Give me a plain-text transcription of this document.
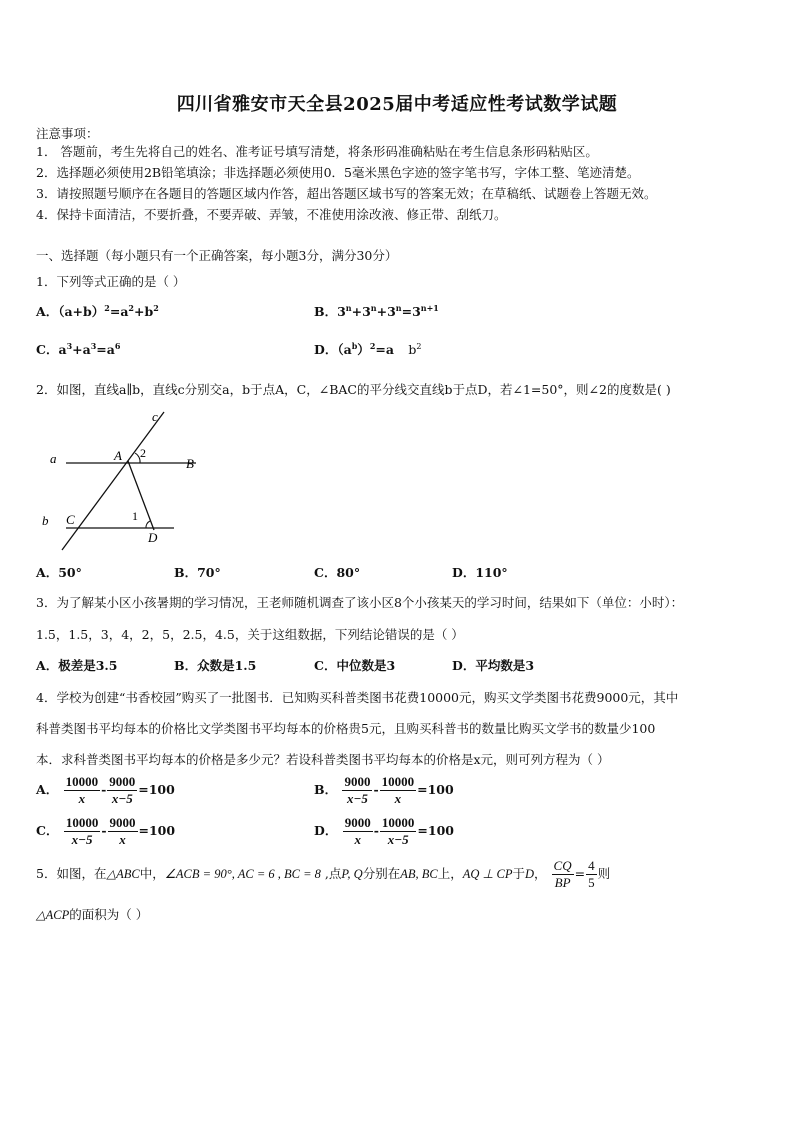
四川省雅安市天全县2025届中考适应性考试数学试题
注意事项：
1． 答题前，考生先将自己的姓名、准考证号填写清楚，将条形码准确粘贴在考生信息条形码粘贴区。
2．选择题必须使用2B铅笔填涂；非选择题必须使用0．5毫米黑色字迹的签字笔书写，字体工整、笔迹清楚。
3．请按照题号顺序在各题目的答题区域内作答，超出答题区域书写的答案无效；在草稿纸、试题卷上答题无效。
4．保持卡面清洁，不要折叠，不要弄破、弄皱，不准使用涂改液、修正带、刮纸刀。
一、选择题（每小题只有一个正确答案，每小题3分，满分30分）
1．下列等式正确的是（ ）
A．$(a+b)^2=a^2+b^2$	B．$3^n+3^n+3^n=3^{n+1}$
C．$a^3+a^3=a^6$	D．$(a^b)^2=a$ $b^2$
2．如图，直线a∥b，直线c分别交a，b于点A，C，∠BAC的平分线交直线b于点D，若∠1=50°，则∠2的度数是( )
c
a	A 2
B
b C	1
D
A．50°	B．70°	C．80°	D．110°
3．为了解某小区小孩暑期的学习情况，王老师随机调查了该小区8个小孩某天的学习时间，结果如下（单位：小时）：
1.5，1.5，3，4，2，5，2.5，4.5，关于这组数据，下列结论错误的是（ ）
A．极差是3.5	B．众数是1.5	C．中位数是3	D．平均数是3
4．学校为创建“书香校园”购买了一批图书．已知购买科普类图书花费10000元，购买文学类图书花费9000元，其中
科普类图书平均每本的价格比文学类图书平均每本的价格贵5元，且购买科普书的数量比购买文学书的数量少100
本．求科普类图书平均每本的价格是多少元？若设科普类图书平均每本的价格是x元，则可列方程为（ ）
A． $\frac{10000}{x} - \frac{9000}{x-5} =100$	B． $\frac{9000}{x-5} - \frac{10000}{x} =100$
C． $\frac{10000}{x-5} - \frac{9000}{x} =100$	D． $\frac{9000}{x} - \frac{10000}{x-5} =100$
5．如图，在△ABC中，∠ACB = 90°, AC = 6 , BC = 8 ,点P, Q分别在AB, BC上，AQ ⊥ CP于D， $\frac{CQ}{BP} = \frac{4}{5}$ 则
△ACP的面积为（ ）
